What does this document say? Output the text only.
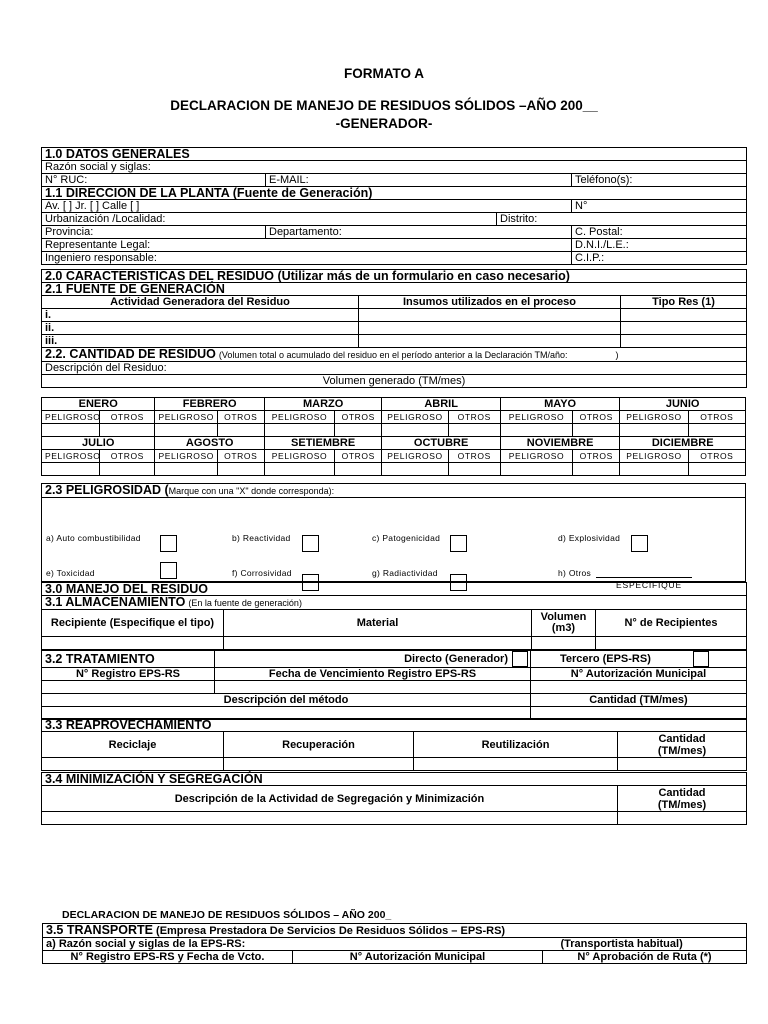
FORMATO A
DECLARACION DE MANEJO DE RESIDUOS SÓLIDOS –AÑO 200__
-GENERADOR-
1.0 DATOS GENERALES			
Razón social y siglas:			
N° RUC:	E-MAIL:		Teléfono(s):
1.1 DIRECCION DE LA PLANTA (Fuente de Generación)			
Av. [ ] Jr. [ ] Calle [ ]			N°
Urbanización /Localidad:		Distrito:	
Provincia:	Departamento:		C. Postal:
Representante Legal:			D.N.I./L.E.:
Ingeniero responsable:			C.I.P.:
2.0 CARACTERISTICAS DEL RESIDUO (Utilizar más de un formulario en caso necesario)		
2.1 FUENTE DE GENERACIÓN		
Actividad Generadora del Residuo	Insumos utilizados en el proceso	Tipo Res (1)
i.		
ii.		
iii.		
2.2. CANTIDAD DE RESIDUO (Volumen total o acumulado del residuo en el período anterior a la Declaración TM/año: )		
Descripción del Residuo:		
Volumen generado (TM/mes)		
ENERO		FEBRERO		MARZO		ABRIL		MAYO		JUNIO	
PELIGROSO	OTROS	PELIGROSO	OTROS	PELIGROSO	OTROS	PELIGROSO	OTROS	PELIGROSO	OTROS	PELIGROSO	OTROS

JULIO		AGOSTO		SETIEMBRE		OCTUBRE		NOVIEMBRE		DICIEMBRE	
PELIGROSO	OTROS	PELIGROSO	OTROS	PELIGROSO	OTROS	PELIGROSO	OTROS	PELIGROSO	OTROS	PELIGROSO	OTROS

2.3 PELIGROSIDAD (Marque con una "X" donde corresponda):

a) Auto combustibilidad	b) Reactividad	c) Patogenicidad	d) Explosividad
e) Toxicidad	f) Corrosividad	g) Radiactividad	h) Otros
ESPECIFIQUE
3.0 MANEJO DEL RESIDUO			
3.1 ALMACENAMIENTO (En la fuente de generación)			
Recipiente (Especifique el tipo)	Material	Volumen (m3)	N° de Recipientes

3.2 TRATAMIENTO	Directo (Generador)	Tercero (EPS-RS)
N° Registro EPS-RS	Fecha de Vencimiento Registro EPS-RS	N° Autorización Municipal

Descripción del método		Cantidad (TM/mes)

3.3 REAPROVECHAMIENTO			
Reciclaje	Recuperación	Reutilización	Cantidad
(TM/mes)

3.4 MINIMIZACIÓN Y SEGREGACIÓN	
Descripción de la Actividad de Segregación y Minimización	Cantidad
(TM/mes)

DECLARACION DE MANEJO DE RESIDUOS SÓLIDOS – AÑO 200_
3.5 TRANSPORTE (Empresa Prestadora De Servicios De Residuos Sólidos – EPS-RS)
a) Razón social y siglas de la EPS-RS:	(Transportista habitual)

N° Registro EPS-RS y Fecha de Vcto.	N° Autorización Municipal	N° Aprobación de Ruta (*)
